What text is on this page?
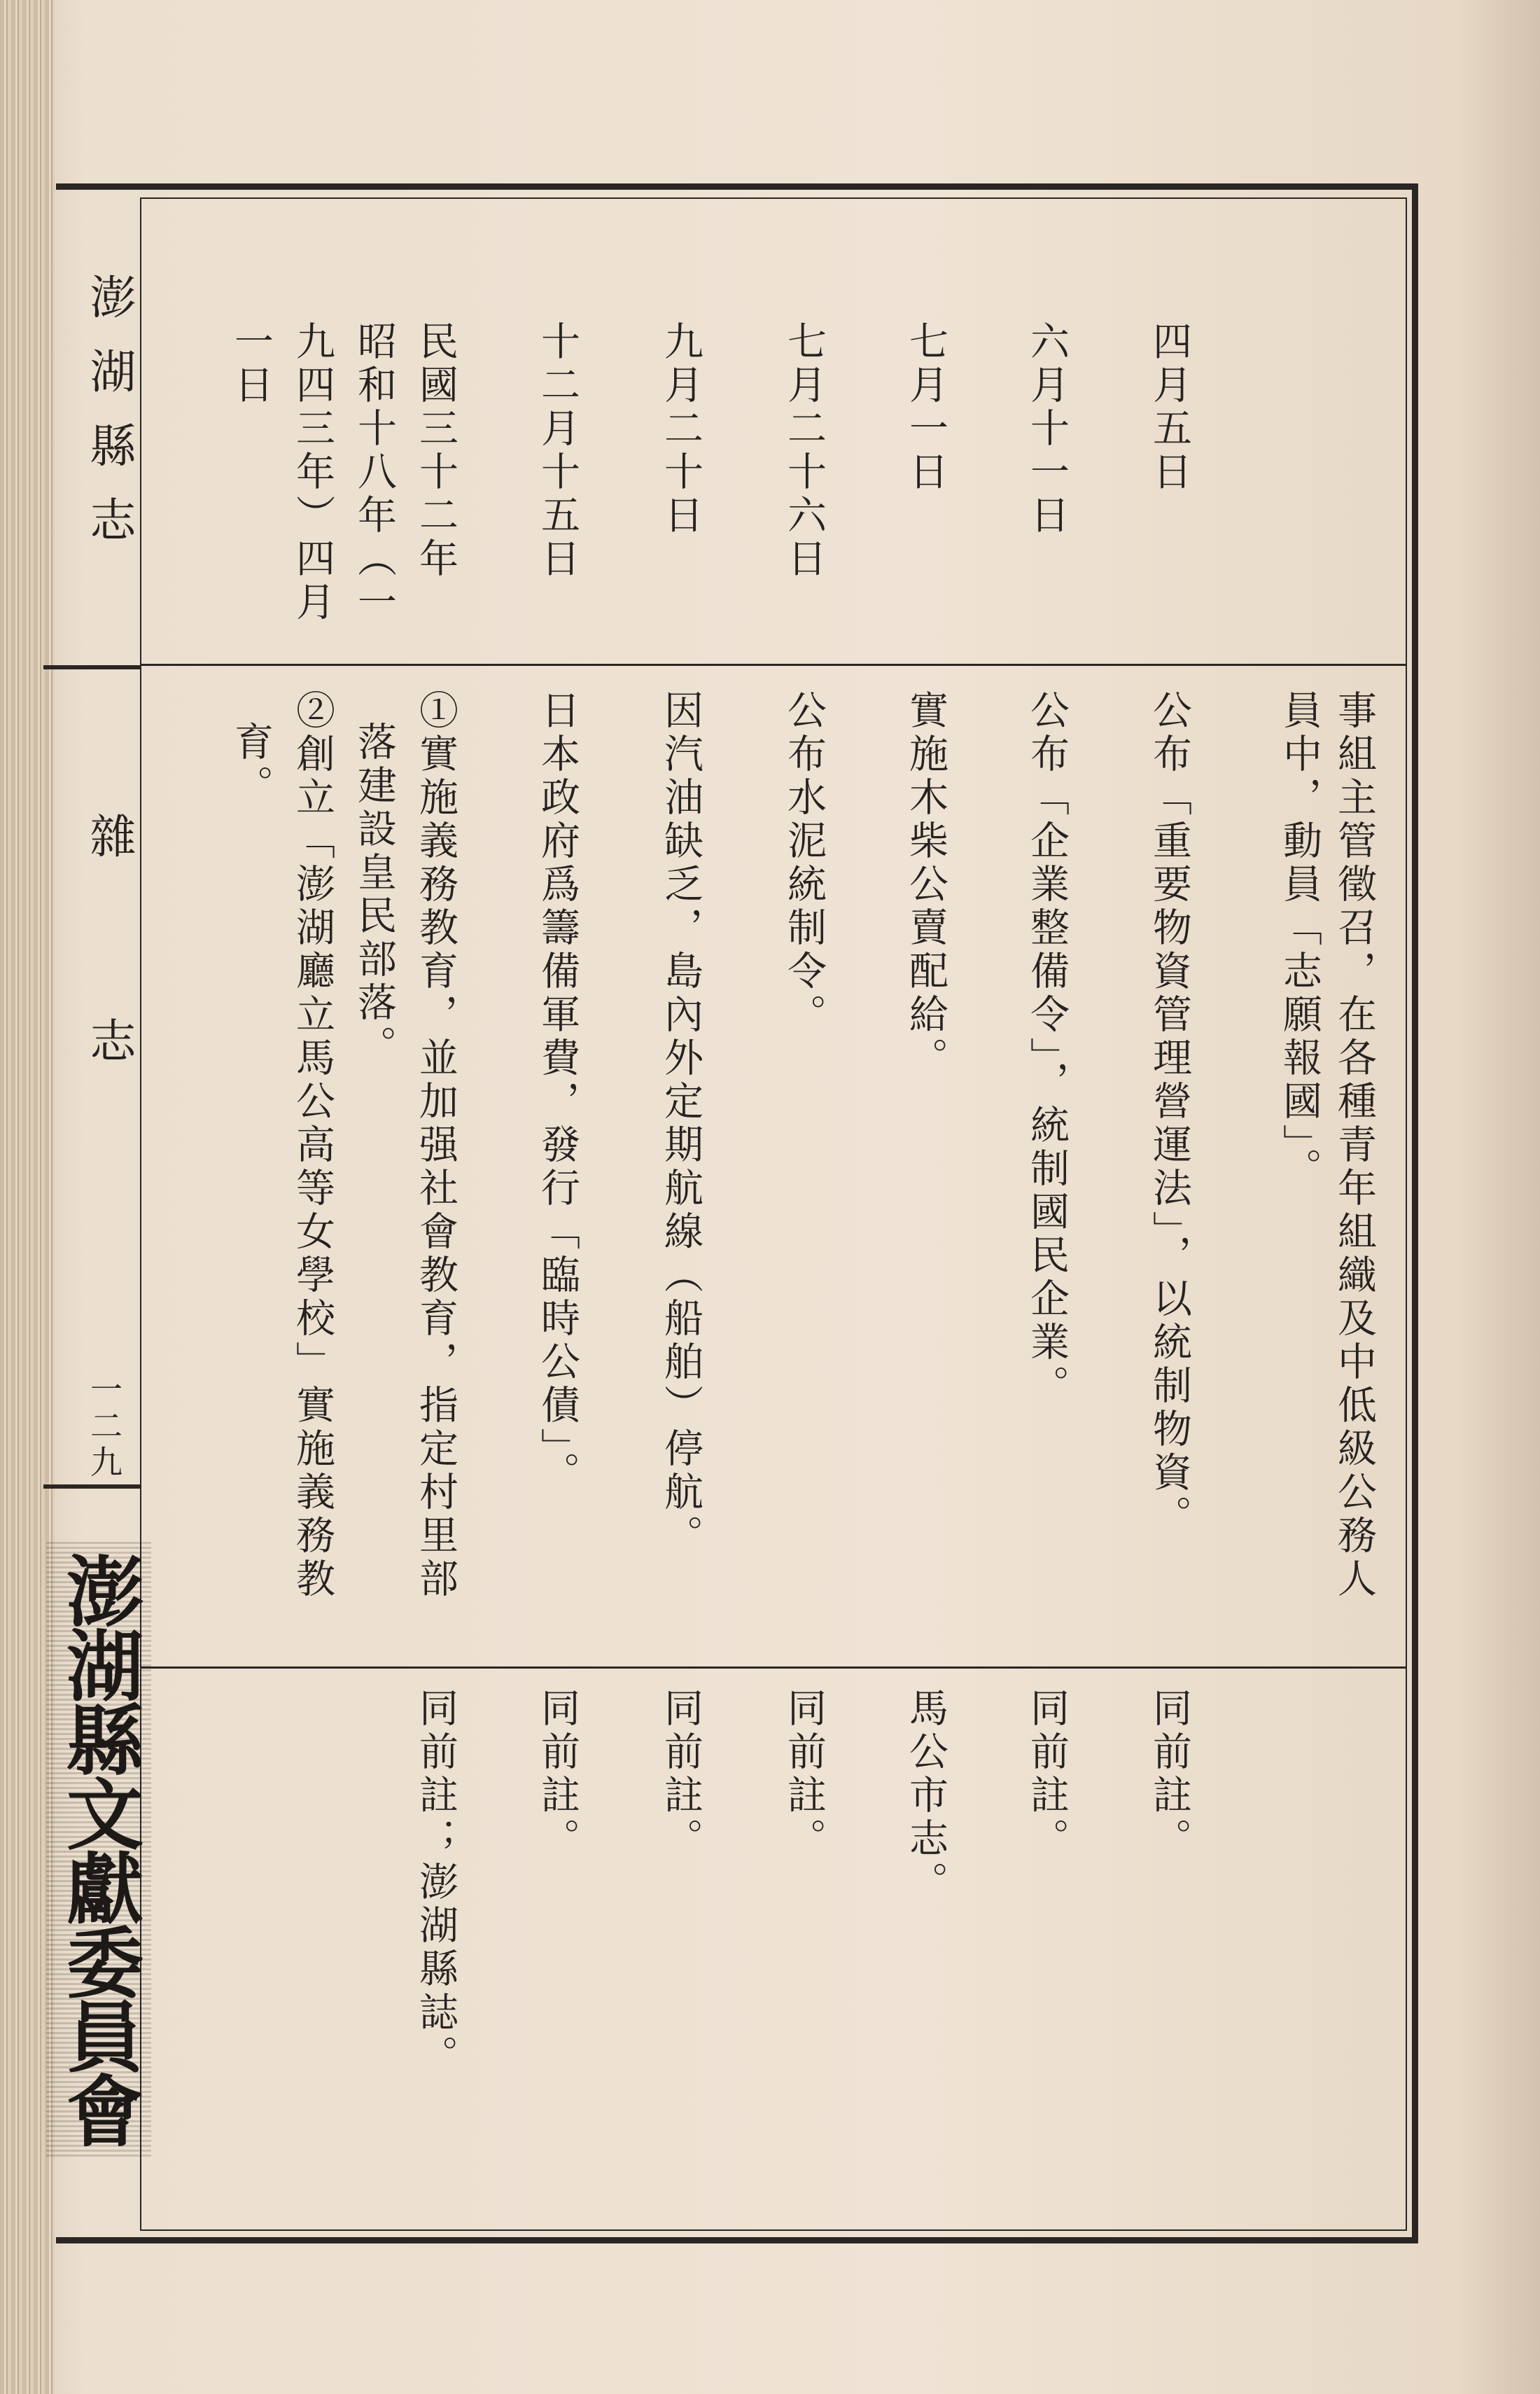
澎湖縣志
雜　志
一二九
澎湖縣文獻委員會
事組主管徵召，在各種青年組織及中低級公務人
員中，動員「志願報國」。
四月五日
公布「重要物資管理營運法」，以統制物資。
同前註。
六月十一日
公布「企業整備令」，統制國民企業。
同前註。
七月一日
實施木柴公賣配給。
馬公市志。
七月二十六日
公布水泥統制令。
同前註。
九月二十日
因汽油缺乏，島內外定期航線（船舶）停航。
同前註。
十二月十五日
日本政府爲籌備軍費，發行「臨時公債」。
同前註。
民國三十二年
①實施義務教育，並加强社會教育，指定村里部
同前註；澎湖縣誌。
昭和十八年（一
落建設皇民部落。
九四三年）四月
②創立「澎湖廳立馬公高等女學校」實施義務教
一日
育。
